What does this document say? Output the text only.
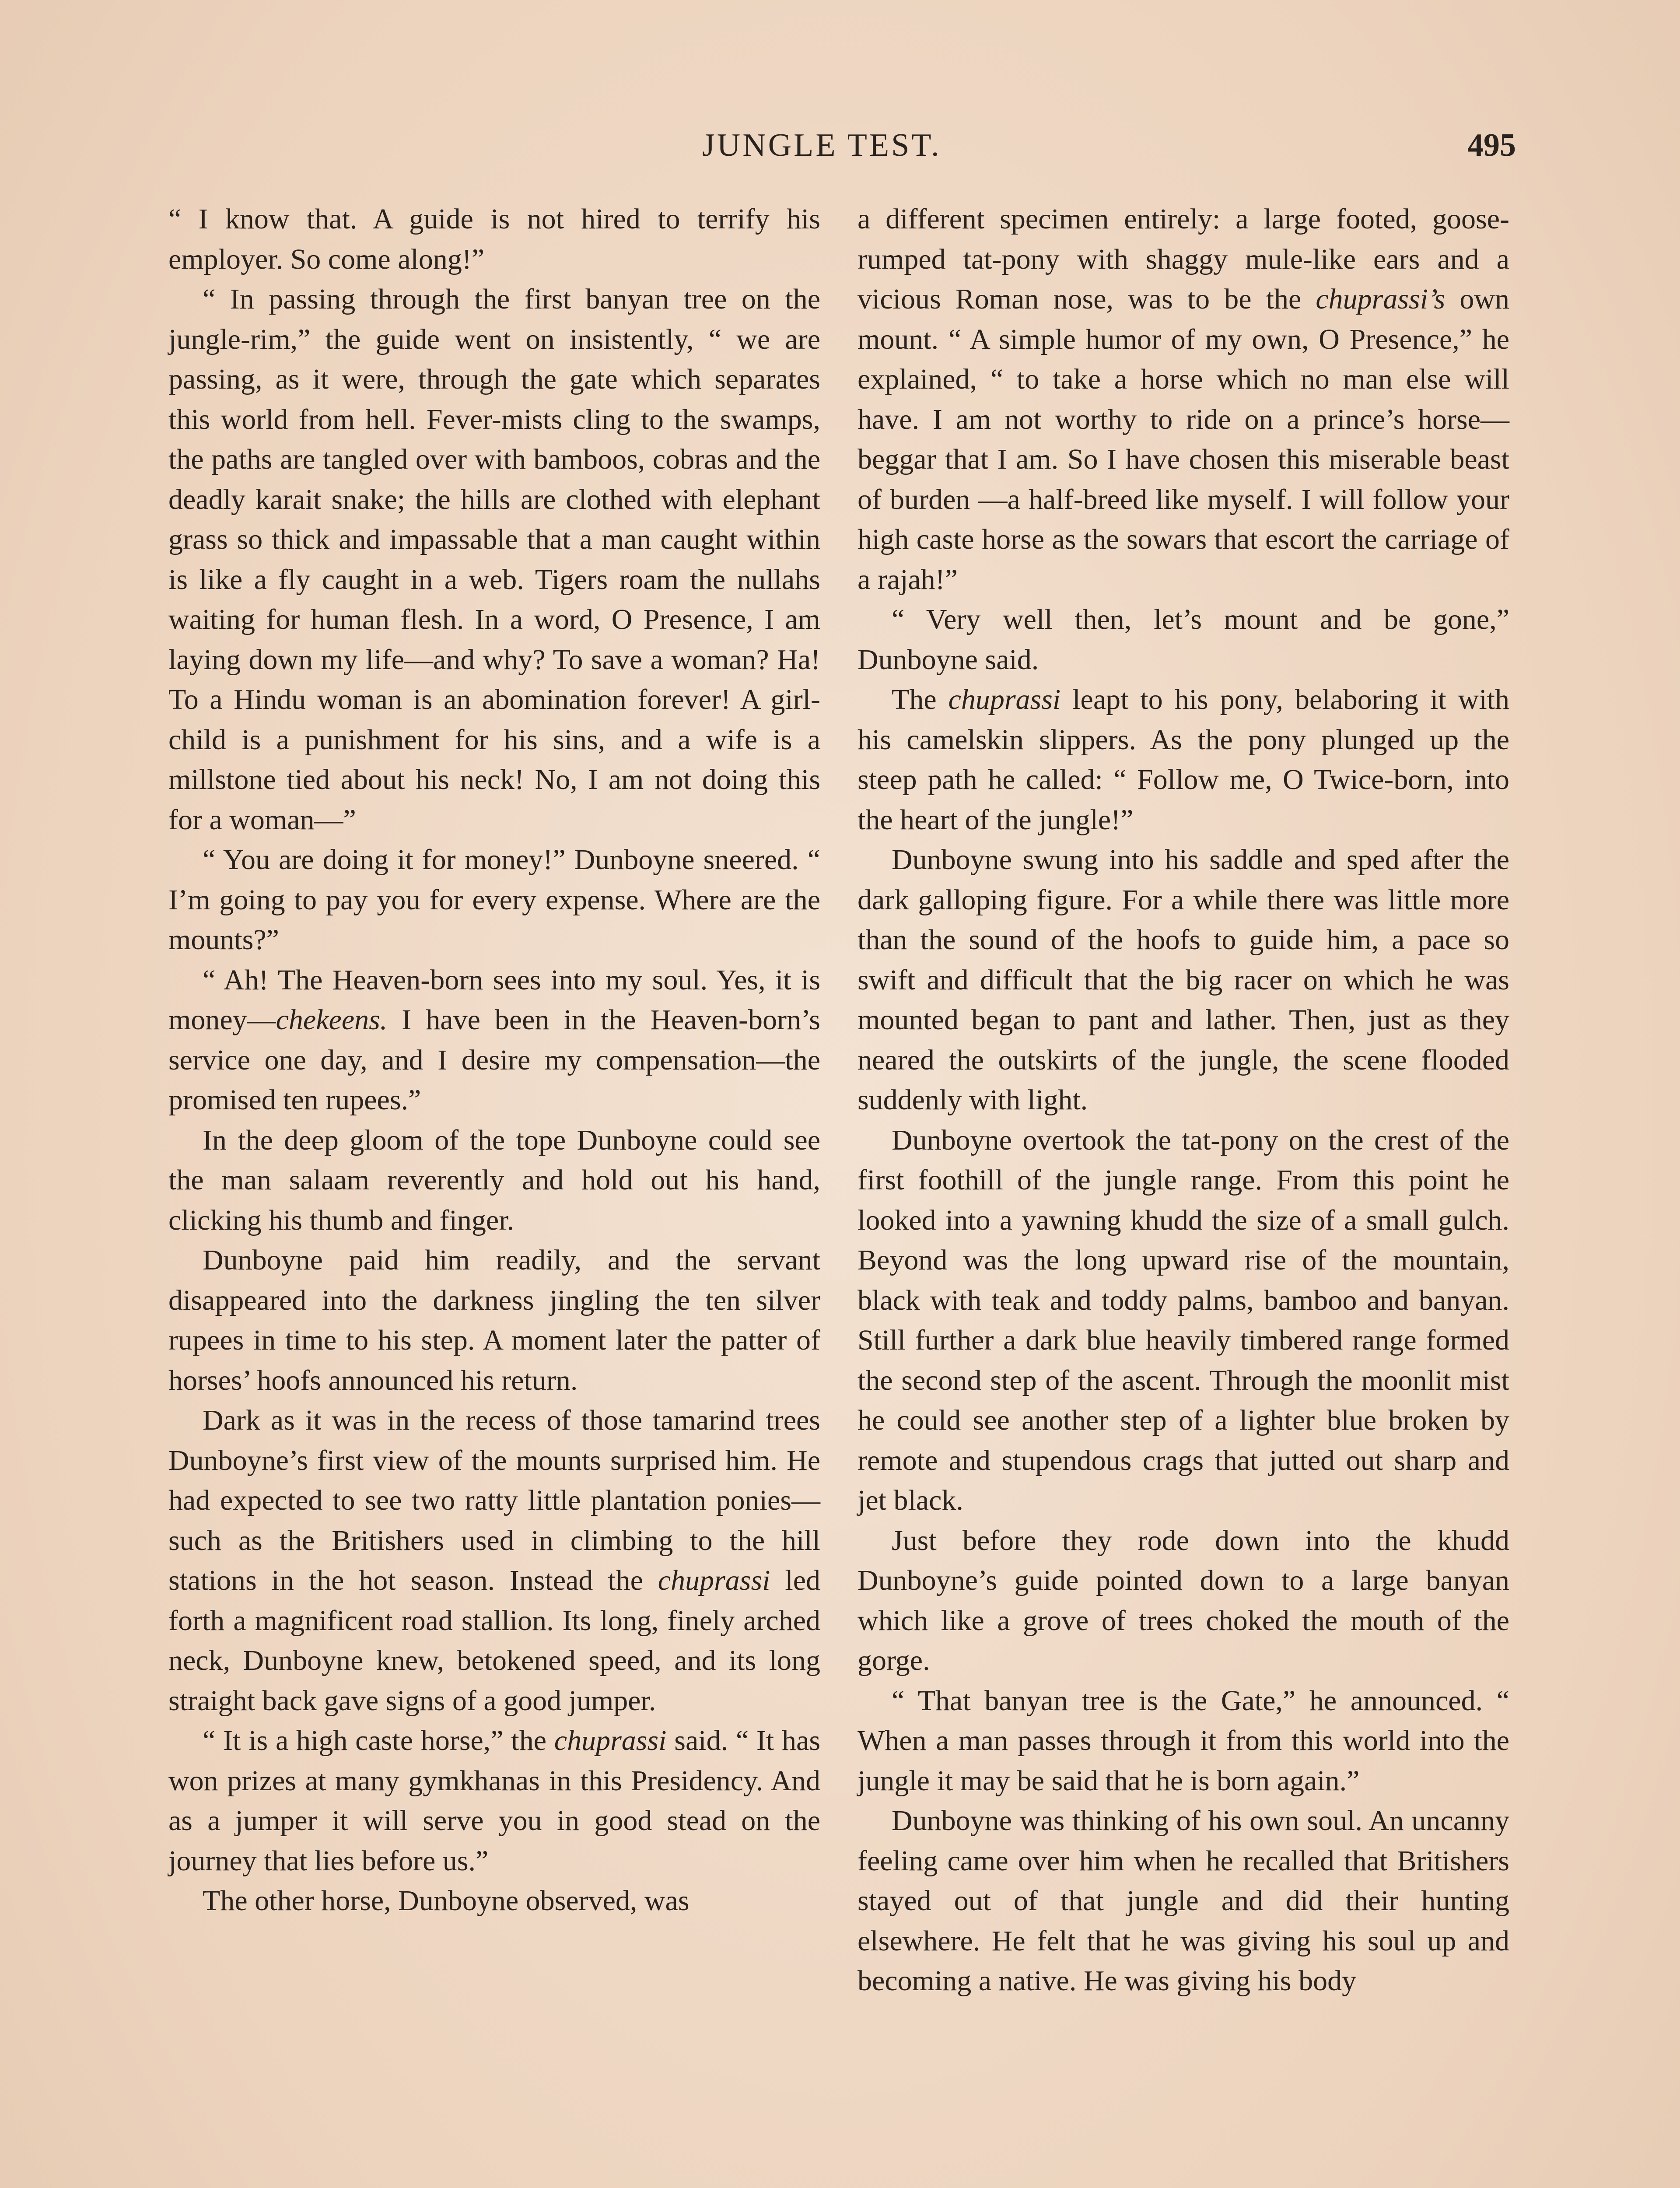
JUNGLE TEST.	495

“ I know that. A guide is not hired to terrify his employer. So come along!”

“ In passing through the first banyan tree on the jungle-rim,” the guide went on insistently, “ we are passing, as it were, through the gate which separates this world from hell. Fever-mists cling to the swamps, the paths are tangled over with bamboos, cobras and the deadly karait snake; the hills are clothed with elephant grass so thick and impassable that a man caught within is like a fly caught in a web. Tigers roam the nullahs waiting for human flesh. In a word, O Presence, I am laying down my life—and why? To save a woman? Ha! To a Hindu woman is an abomination forever! A girl-child is a punishment for his sins, and a wife is a millstone tied about his neck! No, I am not doing this for a woman—”

“ You are doing it for money!” Dunboyne sneered. “ I’m going to pay you for every expense. Where are the mounts?”

“ Ah! The Heaven-born sees into my soul. Yes, it is money—chekeens. I have been in the Heaven-born’s service one day, and I desire my compensation—the promised ten rupees.”

In the deep gloom of the tope Dunboyne could see the man salaam reverently and hold out his hand, clicking his thumb and finger.

Dunboyne paid him readily, and the servant disappeared into the darkness jingling the ten silver rupees in time to his step. A moment later the patter of horses’ hoofs announced his return.

Dark as it was in the recess of those tamarind trees Dunboyne’s first view of the mounts surprised him. He had expected to see two ratty little plantation ponies—such as the Britishers used in climbing to the hill stations in the hot season. Instead the chuprassi led forth a magnificent road stallion. Its long, finely arched neck, Dunboyne knew, betokened speed, and its long straight back gave signs of a good jumper.

“ It is a high caste horse,” the chuprassi said. “ It has won prizes at many gymkhanas in this Presidency. And as a jumper it will serve you in good stead on the journey that lies before us.”

The other horse, Dunboyne observed, was

a different specimen entirely: a large footed, goose-rumped tat-pony with shaggy mule-like ears and a vicious Roman nose, was to be the chuprassi’s own mount. “ A simple humor of my own, O Presence,” he explained, “ to take a horse which no man else will have. I am not worthy to ride on a prince’s horse—beggar that I am. So I have chosen this miserable beast of burden —a half-breed like myself. I will follow your high caste horse as the sowars that escort the carriage of a rajah!”

“ Very well then, let’s mount and be gone,” Dunboyne said.

The chuprassi leapt to his pony, belaboring it with his camelskin slippers. As the pony plunged up the steep path he called: “ Follow me, O Twice-born, into the heart of the jungle!”

Dunboyne swung into his saddle and sped after the dark galloping figure. For a while there was little more than the sound of the hoofs to guide him, a pace so swift and difficult that the big racer on which he was mounted began to pant and lather. Then, just as they neared the outskirts of the jungle, the scene flooded suddenly with light.

Dunboyne overtook the tat-pony on the crest of the first foothill of the jungle range. From this point he looked into a yawning khudd the size of a small gulch. Beyond was the long upward rise of the mountain, black with teak and toddy palms, bamboo and banyan. Still further a dark blue heavily timbered range formed the second step of the ascent. Through the moonlit mist he could see another step of a lighter blue broken by remote and stupendous crags that jutted out sharp and jet black.

Just before they rode down into the khudd Dunboyne’s guide pointed down to a large banyan which like a grove of trees choked the mouth of the gorge.

“ That banyan tree is the Gate,” he announced. “ When a man passes through it from this world into the jungle it may be said that he is born again.”

Dunboyne was thinking of his own soul. An uncanny feeling came over him when he recalled that Britishers stayed out of that jungle and did their hunting elsewhere. He felt that he was giving his soul up and becoming a native. He was giving his body
